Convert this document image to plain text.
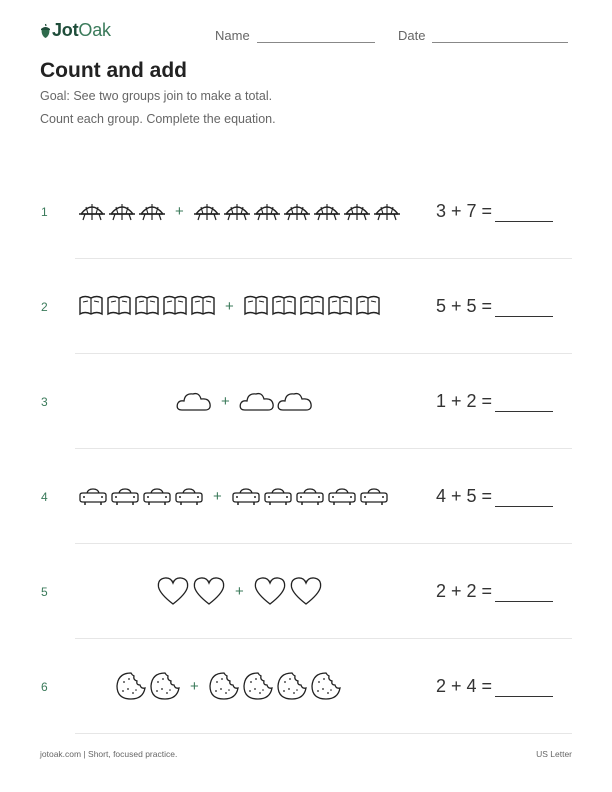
JotOak	Name	Date
Count and add
Goal: See two groups join to make a total.
Count each group. Complete the equation.
1	+	3 + 7 =
2	+	5 + 5 =
3	+	1 + 2 =
4	+	4 + 5 =
5	+	2 + 2 =
6	+	2 + 4 =
jotoak.com | Short, focused practice.	US Letter
